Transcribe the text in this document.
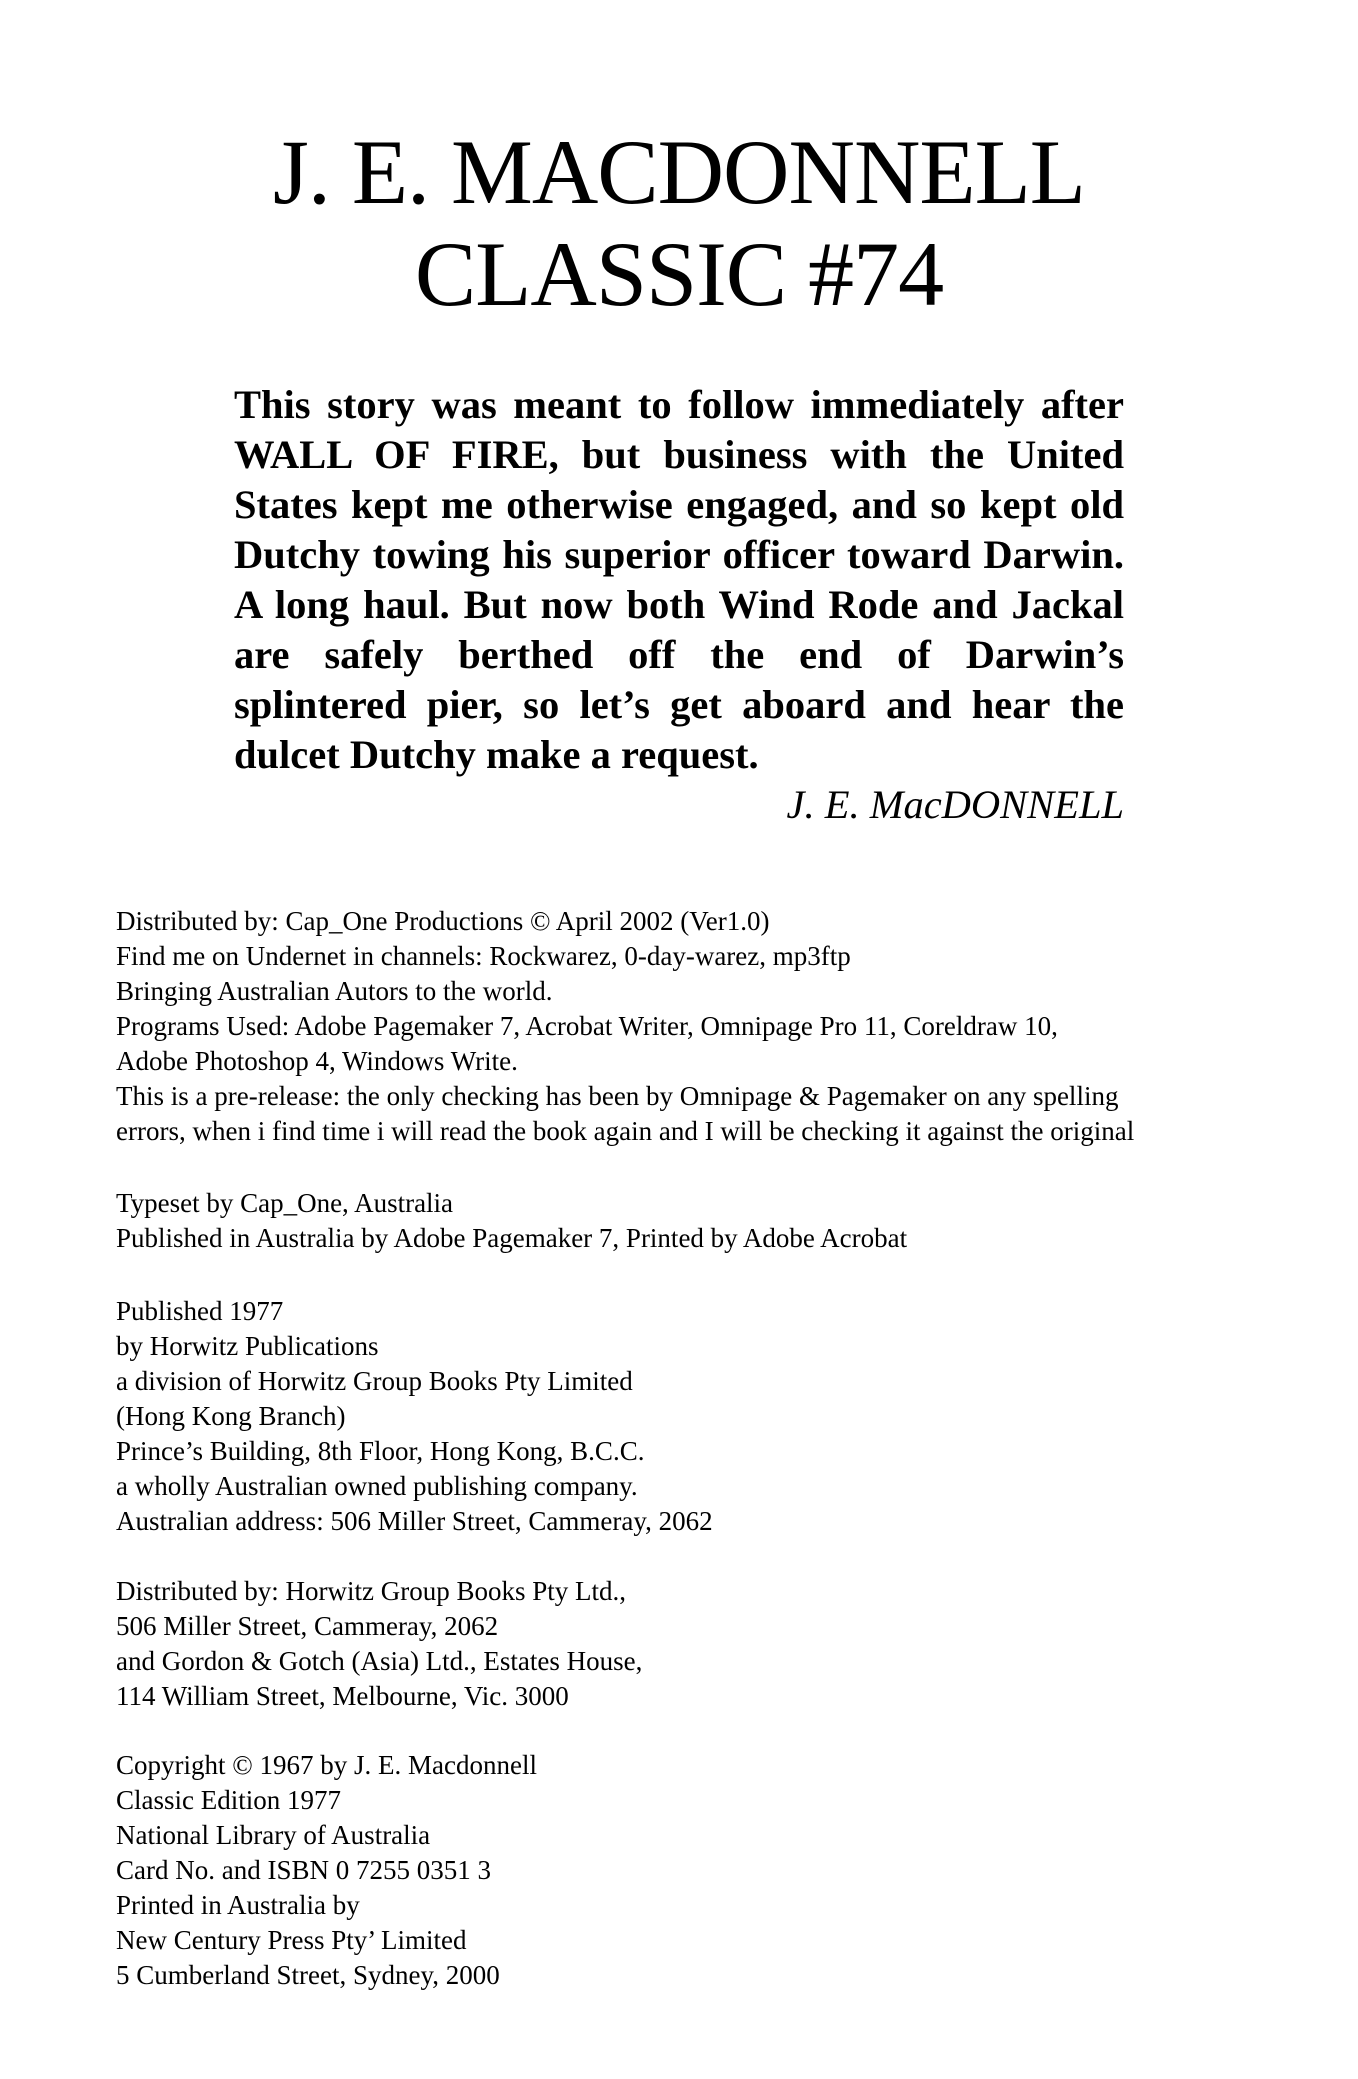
J. E. MACDONNELL
CLASSIC #74

This story was meant to follow immediately after WALL OF FIRE, but business with the United States kept me otherwise engaged, and so kept old Dutchy towing his superior officer toward Darwin. A long haul. But now both Wind Rode and Jackal are safely berthed off the end of Darwin’s splintered pier, so let’s get aboard and hear the dulcet Dutchy make a request.

J. E. MacDONNELL

Distributed by: Cap_One Productions © April 2002 (Ver1.0)
Find me on Undernet in channels: Rockwarez, 0-day-warez, mp3ftp
Bringing Australian Autors to the world.
Programs Used: Adobe Pagemaker 7, Acrobat Writer, Omnipage Pro 11, Coreldraw 10,
Adobe Photoshop 4, Windows Write.
This is a pre-release: the only checking has been by Omnipage & Pagemaker on any spelling
errors, when i find time i will read the book again and I will be checking it against the original
Typeset by Cap_One, Australia
Published in Australia by Adobe Pagemaker 7, Printed by Adobe Acrobat
Published 1977
by Horwitz Publications
a division of Horwitz Group Books Pty Limited
(Hong Kong Branch)
Prince’s Building, 8th Floor, Hong Kong, B.C.C.
a wholly Australian owned publishing company.
Australian address: 506 Miller Street, Cammeray, 2062
Distributed by: Horwitz Group Books Pty Ltd.,
506 Miller Street, Cammeray, 2062
and Gordon & Gotch (Asia) Ltd., Estates House,
114 William Street, Melbourne, Vic. 3000
Copyright © 1967 by J. E. Macdonnell
Classic Edition 1977
National Library of Australia
Card No. and ISBN 0 7255 0351 3
Printed in Australia by
New Century Press Pty’ Limited
5 Cumberland Street, Sydney, 2000
